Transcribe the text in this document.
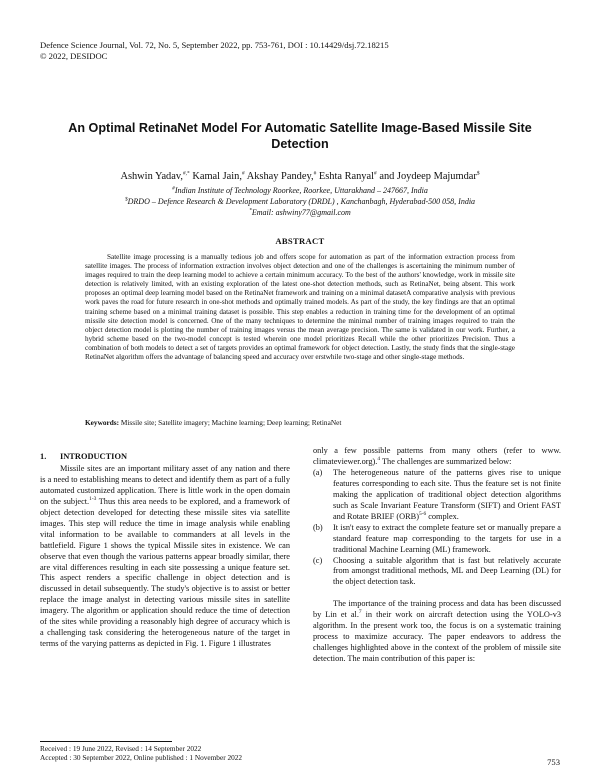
Defence Science Journal, Vol. 72, No. 5, September 2022, pp. 753-761, DOI : 10.14429/dsj.72.18215
© 2022, DESIDOC
An Optimal RetinaNet Model For Automatic Satellite Image-Based Missile Site Detection
Ashwin Yadav,#,* Kamal Jain,# Akshay Pandey,# Eshta Ranyal# and Joydeep Majumdar$
#Indian Institute of Technology Roorkee, Roorkee, Uttarakhand – 247667, India
$DRDO – Defence Research & Development Laboratory (DRDL) , Kanchanbagh, Hyderabad-500 058, India
*Email: ashwiny77@gmail.com
ABSTRACT
Satellite image processing is a manually tedious job and offers scope for automation as part of the information extraction process from satellite images. The process of information extraction involves object detection and one of the challenges is ascertaining the minimum number of images required to train the deep learning model to achieve a certain minimum accuracy. To the best of the authors' knowledge, work in missile site detection is relatively limited, with an existing exploration of the latest one-shot detection methods, such as RetinaNet, being absent. This work proposes an optimal deep learning model based on the RetinaNet framework and training on a minimal datasetA comparative analysis with previous work paves the road for future research in one-shot methods and optimally trained models. As part of the study, the key findings are that an optimal training scheme based on a minimal training dataset is possible. This step enables a reduction in training time for the development of an optimal missile site detection model is concerned. One of the many techniques to determine the minimal number of training images required to train the object detection model is plotting the number of training images versus the mean average precision. The same is validated in our work. Further, a hybrid scheme based on the two-model concept is tested wherein one model prioritizes Recall while the other prioritizes Precision. Thus a combination of both models to detect a set of targets provides an optimal framework for object detection. Lastly, the study finds that the single-stage RetinaNet algorithm offers the advantage of balancing speed and accuracy over erstwhile two-stage and other single-stage methods.
Keywords: Missile site; Satellite imagery; Machine learning; Deep learning; RetinaNet
1. INTRODUCTION

Missile sites are an important military asset of any nation and there is a need to establishing means to detect and identify them as part of a fully automated customized application. There is little work in the open domain on the subject.$^{1-3}$ Thus this area needs to be explored, and a framework of object detection developed for detecting these missile sites via satellite images. This step will reduce the time in image analysis while enabling vital information to be available to commanders at all levels in the battlefield. Figure 1 shows the typical Missile sites in existence. We can observe that even though the various patterns appear broadly similar, there are vital differences resulting in each site possessing a unique feature set. This aspect renders a specific challenge in object detection and is discussed in detail subsequently. The study's objective is to assist or better replace the image analyst in detecting various missile sites in satellite imagery. The algorithm or application should reduce the time of detection of the sites while providing a reasonably high degree of accuracy which is a challenging task considering the heterogeneous nature of the target in terms of the varying patterns as depicted in Fig. 1. Figure 1 illustrates

only a few possible patterns from many others (refer to www. climateviewer.org).$^4$ The challenges are summarized below:

(a)	The heterogeneous nature of the patterns gives rise to unique features corresponding to each site. Thus the feature set is not finite making the application of traditional object detection algorithms such as Scale Invariant Feature Transform (SIFT) and Orient FAST and Rotate BRIEF (ORB)$^{5-6}$ complex.
(b)	It isn't easy to extract the complete feature set or manually prepare a standard feature map corresponding to the targets for use in a traditional Machine Learning (ML) framework.
(c)	Choosing a suitable algorithm that is fast but relatively accurate from amongst traditional methods, ML and Deep Learning (DL) for the object detection task.

The importance of the training process and data has been discussed by Lin et al.$^7$ in their work on aircraft detection using the YOLO-v3 algorithm. In the present work too, the focus is on a systematic training process to maximize accuracy. The paper endeavors to address the challenges highlighted above in the context of the problem of missile site detection. The main contribution of this paper is:

Received : 19 June 2022, Revised : 14 September 2022
Accepted : 30 September 2022, Online published : 1 November 2022	753
